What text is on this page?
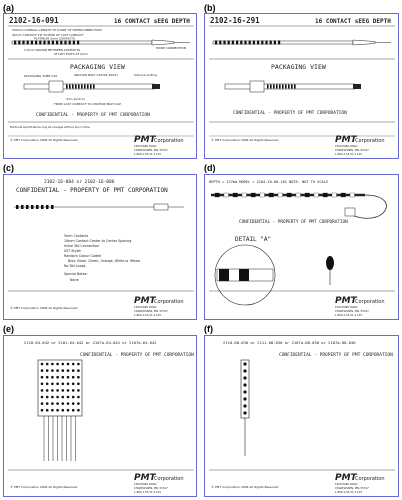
(a)	(b)
(c)	(d)
(e)	(f)
2102-16-091	16 CONTACT sEEG DEPTH
500mm OVERALL LENGTH TO START OF INTERCONNECTION
46mm CONTACT TIP TO END OF LAST CONTACT
PLATINUM 2mm CONTACTS
MOKE CONNECTION
1.5mm SPACER BETWEEN CONTACTS
STYLET EXITS AT 2mm
PACKAGING VIEW
PACKAGING TUBE CAP	ANCHOR BOLT CAP PN 3X021	Silicone O-Ring
3cm-10.5cm
FROM LAST CONTACT TO ANCHOR BOLT CAP
Electrode specifications may be changed without prior notice.
© PMT Corporation 2006 All Rights Reserved	PMT
Corporation
1500 PARK ROAD
CHANHASSEN, MN. 55317
1-800-1-55-31 4 1X5
CONFIDENTIAL - PROPERTY OF PMT CORPORATION
2102-16-291	16 CONTACT sEEG DEPTH
PACKAGING VIEW
CONFIDENTIAL - PROPERTY OF PMT CORPORATION
© PMT Corporation 2006 All Rights Reserved	PMT
Corporation
1500 PARK ROAD
CHANHASSEN, MN. 55317
1-800-1-55-31 4 1X5
2102-16-084 or 2102-16-086
CONFIDENTIAL - PROPERTY OF PMT CORPORATION
5mm Contacts
10mm Contact Center to Center Spacing
Inline Tail Connection
SST Stylet
Random Colour Coded
Blue, Black, Green, Orange, White or Yellow
No Tail Loops
Special Notes:
None
© PMT Corporation 2006 All Rights Reserved
PMT
Corporation
1500 PARK ROAD
CHANHASSEN, MN. 55317
1-800-1-55-31 4 1X5
DEPTH = 127mm MODEL = 2104-16-06-101 NOTE: NOT TO SCALE
CONFIDENTIAL - PROPERTY OF PMT CORPORATION
DETAIL "A"
PMT
Corporation
1500 PARK ROAD
CHANHASSEN, MN. 55317
1-800-1-55-31 4 1X5
2110-64-042 or 2101-64-042 or 2107a-64-042 or 2107a-64-042
CONFIDENTIAL - PROPERTY OF PMT CORPORATION
© PMT Corporation 2006 All Rights Reserved
PMT
Corporation
1500 PARK ROAD
CHANHASSEN, MN. 55317
1-800-1-55-31 4 1X5
2110-08-030 or 2111-08-030 or 2107a-08-030 or 2107a-08-030
CONFIDENTIAL - PROPERTY OF PMT CORPORATION
© PMT Corporation 2006 All Rights Reserved
PMT
Corporation
1500 PARK ROAD
CHANHASSEN, MN. 55317
1-800-1-55-31 4 1X5
